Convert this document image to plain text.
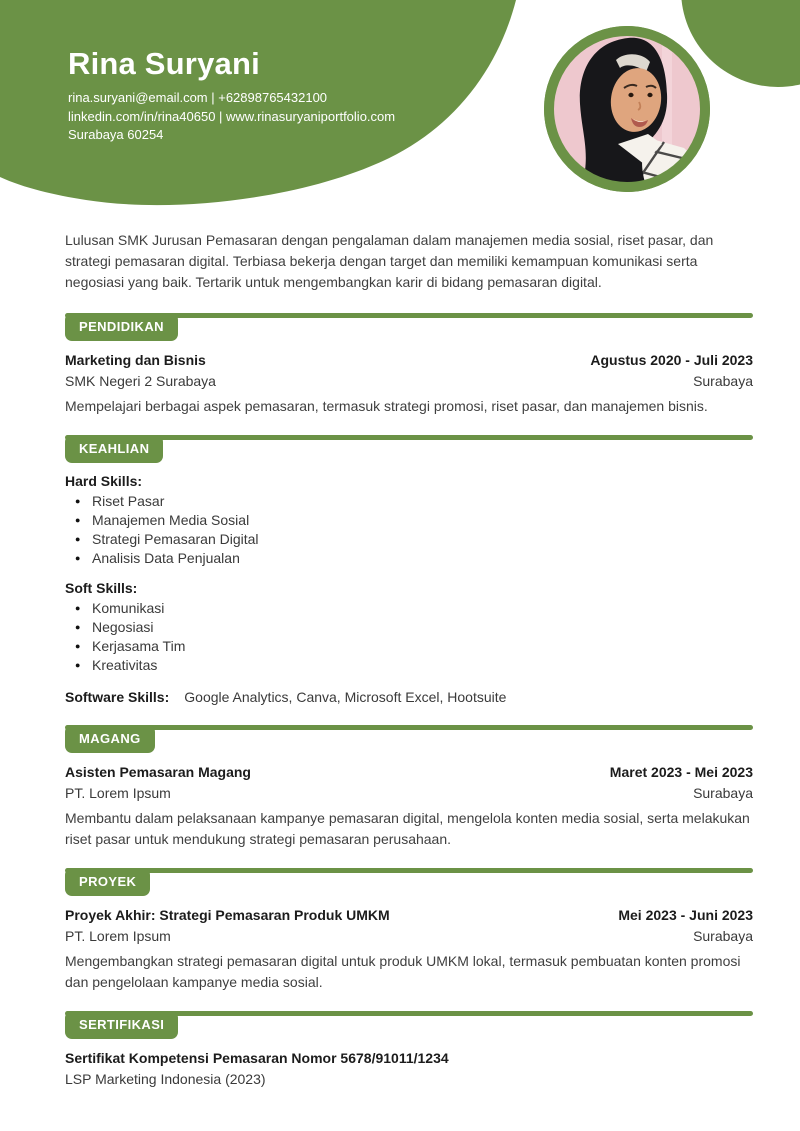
Rina Suryani
rina.suryani@email.com | +62898765432100
linkedin.com/in/rina40650 | www.rinasuryaniportfolio.com
Surabaya 60254

Lulusan SMK Jurusan Pemasaran dengan pengalaman dalam manajemen media sosial, riset pasar, dan strategi pemasaran digital. Terbiasa bekerja dengan target dan memiliki kemampuan komunikasi serta negosiasi yang baik. Tertarik untuk mengembangkan karir di bidang pemasaran digital.

PENDIDIKAN
Marketing dan Bisnis	Agustus 2020 - Juli 2023
SMK Negeri 2 Surabaya	Surabaya
Mempelajari berbagai aspek pemasaran, termasuk strategi promosi, riset pasar, dan manajemen bisnis.
KEAHLIAN
Hard Skills:
● Riset Pasar
● Manajemen Media Sosial
● Strategi Pemasaran Digital
● Analisis Data Penjualan
Soft Skills:
● Komunikasi
● Negosiasi
● Kerjasama Tim
● Kreativitas
Software Skills: Google Analytics, Canva, Microsoft Excel, Hootsuite
MAGANG
Asisten Pemasaran Magang	Maret 2023 - Mei 2023
PT. Lorem Ipsum	Surabaya
Membantu dalam pelaksanaan kampanye pemasaran digital, mengelola konten media sosial, serta melakukan riset pasar untuk mendukung strategi pemasaran perusahaan.
PROYEK
Proyek Akhir: Strategi Pemasaran Produk UMKM	Mei 2023 - Juni 2023
PT. Lorem Ipsum	Surabaya
Mengembangkan strategi pemasaran digital untuk produk UMKM lokal, termasuk pembuatan konten promosi dan pengelolaan kampanye media sosial.
SERTIFIKASI
Sertifikat Kompetensi Pemasaran Nomor 5678/91011/1234
LSP Marketing Indonesia (2023)
